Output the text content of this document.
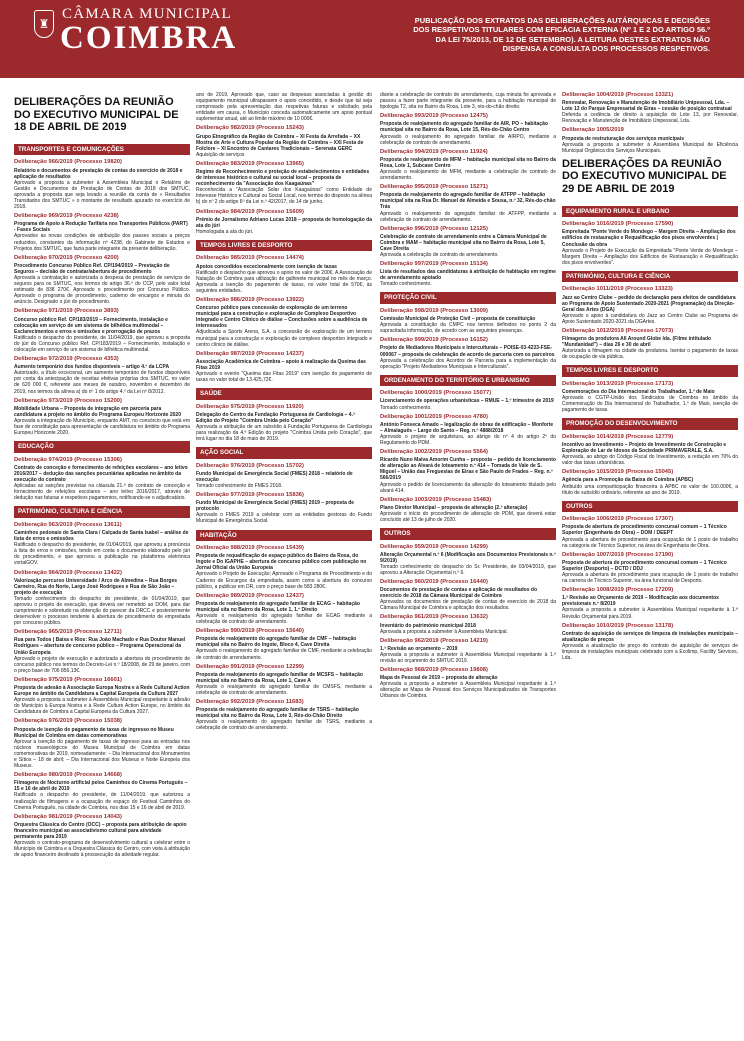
♜
CÂMARA MUNICIPAL
COIMBRA	PUBLICAÇÃO DOS EXTRATOS DAS DELIBERAÇÕES AUTÁRQUICAS E DECISÕES DOS RESPETIVOS TITULARES COM EFICÁCIA EXTERNA (Nº 1 E 2 DO ARTIGO 56.º DA LEI 75/2013, DE 12 DE SETEMBRO). A LEITURA DESTES EXTRATOS NÃO DISPENSA A CONSULTA DOS PROCESSOS RESPETIVOS.
DELIBERAÇÕES DA REUNIÃO DO EXECUTIVO MUNICIPAL DE 18 DE ABRIL DE 2019
TRANSPORTES E COMUNICAÇÕES
Deliberação 966/2019 (Processo 19820)
Relatório e documentos de prestação de contas do exercício de 2018 e aplicação de resultados
Aprovado a proposta a submeter à Assembleia Municipal o Relatório de Gestão e Documentos de Prestação de Contas de 2018 dos SMTUC, aprovada a proposta que seja levado a reunião da conta de « Resultados Transitados dos SMTUC » o montante de resultado apurado no exercício de 2018.
Deliberação 969/2019 (Processo 4238)
Programa de Apoio à Redução Tarifária nos Transportes Públicos (PART) - Fases Sociais
Aprovados as novas condições de atribuição dos passes sociais a preços reduzidos, constantes da informação nº 4238, do Gabinete de Estudos e Projetos dos SMTUC, que fazia parte integrante da presente deliberação.
Deliberação 970/2019 (Processo 4200)
Procedimento Concurso Público Ref. CP/194/2019 – Prestação de Seguros – decisão de contratar/abertura de procedimento
Aprovada a contratação e autorizada a despesa de prestação de serviços de seguros para os SMTUC, nos termos do artigo 36.º do CCP, pelo valor total estimado de 838 270€. Aprovado o procedimento por Concurso Público. Aprovado o programa de procedimento, caderno de encargos e minuta do anúncio. Designado o júri do procedimento.
Deliberação 971/2019 (Processo 3893)
Concurso público Ref. CP/183/2019 – Fornecimento, instalação e colocação em serviço de um sistema de bilhética multimodal – Esclarecimentos e erros e omissões e prorrogação de prazos
Ratificado o despacho do presidente, de 11/04/2019, que aprovou a proposta do júri do Concurso público Ref. CP/183/2019 – Fornecimento, instalação e colocação em serviço de um sistema de bilhética multimodal.
Deliberação 972/2019 (Processo 4353)
Aumento temporário dos fundos disponíveis – artigo 4.º da LCPA
Autorizado, a título excecional, um aumento temporário de fundos disponíveis por conta da antecipação de receitas efetivas próprias dos SMTUC, no valor de 620 000 €, referente aos meses de outubro, novembro e dezembro de 2019, nos termos da alínea a) do nº 1 do artigo 4.º da Lei nº 8/2012.
Deliberação 973/2019 (Processo 15200)
Mobilidade Urbana – Proposta de integração em parceria para candidatura a projeto no âmbito do Programa Europeu Horizonte 2020
Aprovada a integração do Município, enquanto AMT, no consórcio que está em fase de constituição para apresentação de candidatura no âmbito do Programa Europeu Horizonte 2020.
EDUCAÇÃO
Deliberação 974/2019 (Processo 15306)
Contrato de conceção e fornecimento de refeições escolares – ano letivo 2016/2017 – dedução das sanções pecuniárias aplicadas no âmbito da execução do contrato
Aplicadas as sanções previstas na cláusula 21.ª do contrato de conceção e fornecimento de refeições escolares – ano letivo 2016/2017, através de dedução nas faturas e respetivos pagamentos, notificando-se o adjudicatário.
PATRIMÓNIO, CULTURA E CIÊNCIA
Deliberação 963/2019 (Processo 13611)
Caminhos pedonais de Santa Clara / Calçada de Santa Isabel – análise de lista de erros e omissões
Ratificado o despacho do presidente, de 01/04/2019, que aprovou a pronúncia à lista de erros e omissões, tendo em conta o documento elaborado pelo júri do procedimento, e que aprovou a publicação na plataforma eletrónica vortalGOV.
Deliberação 964/2019 (Processo 13422)
Valorização percurso Universidade / Arco de Almedina – Rua Borges Carneiro, Rua do Norte, Largo José Rodrigues e Rua de São João – projeto de execução
Tomado conhecimento do despacho do presidente, de 01/04/2019, que aprovou o projeto de execução, que deverá ser remetido ao DOM, para dar cumprimento e sobretudo na obtenção do parecer da DRCC e posteriormente desenvolver o processo tendente à abertura de procedimento de empreitada por concurso público.
Deliberação 965/2019 (Processo 12711)
Rua para Todos | Baixa e Rios: Rua João Machado e Rua Doutor Manuel Rodrigues – abertura de concurso público – Programa Operacional da União Europeia
Aprovado o projeto de execução e autorizada a abertura do procedimento de concurso público nos termos do Decreto-Lei n.º 18/2008, de 29 de janeiro, com o preço base de 706 856,13€.
Deliberação 975/2019 (Processo 16601)
Proposta de adesão à Associação Europa Nostra e à Rede Cultural Action Europe no âmbito da Candidatura a Capital Europeia da Cultura 2027
Aprovado a proposta a submeter à Assembleia Municipal respeitante à adesão do Município à Europa Nostra e à Rede Culture Action Europe, no âmbito da Candidatura de Coimbra a Capital Europeia da Cultura 2027.
Deliberação 976/2019 (Processo 15038)
Proposta de isenção de pagamento de taxas de ingresso no Museu Municipal de Coimbra em datas comemorativas
Aprovar a isenção do pagamento de taxas de ingresso para as entradas nos núcleos museológicos do Museu Municipal de Coimbra em datas comemorativas de 2019, nomeadamente: – Dia Internacional dos Monumentos e Sítios – 18 de abril; – Dia Internacional dos Museus e Noite Europeia dos Museus.
Deliberação 980/2019 (Processo 14668)
Filmagens de Nocturno artificial pelos Caminhos do Cinema Português – 15 e 16 de abril de 2019
Ratificado o despacho do presidente, de 11/04/2019, que autorizou a realização de filmagens e a ocupação de espaço do Festival Caminhos do Cinema Português, na cidade de Coimbra, nos dias 15 e 16 de abril de 2019.
Deliberação 981/2019 (Processo 14043)
Orquestra Clássica do Centro (OCC) – proposta para atribuição de apoio financeiro municipal ao associativismo cultural para atividade permanente para 2019
Aprovado o contrato-programa de desenvolvimento cultural a celebrar entre o Município de Coimbra e a Orquestra Clássica do Centro, com vista à atribuição de apoio financeiro destinado à prossecução da atividade regular.
ano de 2019. Aprovado que, caso as despesas associadas à gestão do equipamento municipal ultrapassem o apoio concedido, e desde que tal seja comprovado pela apresentação das respetivas faturas e solicitado pela entidade em causa, o Município conceda automaticamente um apoio pontual suplementar anual, até ao limite máximo de 10 000€.
Deliberação 982/2019 (Processo 15243)
Grupo Etnográfico da Região de Coimbra – XI Festa da Arrefada – XX Mostra de Arte e Cultura Popular da Região de Coimbra – XXI Festa de Folclore – XI Encontro de Cantares Tradicionais – Serenata GERC
Aquisição de serviços
Deliberação 983/2019 (Processo 13965)
Regime de Reconhecimento e proteção de estabelecimentos e entidades de interesse histórico e cultural ou social local – proposta de reconhecimento da "Associação dos Kaagaúnas"
Reconhecida a "Associação Solar dos Kaagaúnas" como Entidade de Interesse Histórico e Cultural ou Social Local, nos termos do disposto na alínea b) do nº 2 do artigo 6º da Lei n.º 42/2017, de 14 de junho.
Deliberação 984/2019 (Processo 15609)
Prémio de Jornalismo Adriano Lucas 2018 – proposta de homologação da ata do júri
Homologada a ata do júri.
TEMPOS LIVRES E DESPORTO
Deliberação 985/2019 (Processo 14474)
Apoios concedidos excecionalmente com isenção de taxas
Ratificado o despacho que aprovou o apoio no valor de 200€. A Associação de Natação de Coimbra para utilização de galhinete municipal no mês de março. Aprovada a isenção do pagamento de taxas, no valor total de 570€, às seguintes entidades.
Deliberação 986/2019 (Processo 13922)
Concurso público para concessão de exploração de um terreno municipal para a construção e exploração de Complexo Desportivo Integrado e Centro Clínico de diálise – Conclusões sobre a audiência de interessados
Adjudicada a Sports Arena, S.A. a concessão de exploração de um terreno municipal para a construção e exploração de complexo desportivo integrado e centro clínico de diálise.
Deliberação 987/2019 (Processo 14237)
Associação Académica de Coimbra – apoio à realização da Queima das Fitas 2019
Aprovado o evento "Queima das Fitas 2019" com isenção do pagamento de taxas no valor total de 13.425,72€.
SAÚDE
Deliberação 975/2019 (Processo 11920)
Delegação do Centro da Fundação Portuguesa de Cardiologia – 4.ª Edição do Projeto "Coimbra Unida pelo Coração"
Aprovada a atribuição de um subsídio à Fundação Portuguesa de Cardiologia para realização da 4.ª Edição do projeto "Coimbra Unida pelo Coração", que terá lugar no dia 18 de maio de 2019.
AÇÃO SOCIAL
Deliberação 976/2019 (Processo 15702)
Fundo Municipal de Emergência Social (FMES) 2018 – relatório de execução
Tomado conhecimento do FMES 2018.
Deliberação 977/2019 (Processo 15836)
Fundo Municipal de Emergência Social (FMES) 2019 – proposta de protocolo
Aprovado o FMES 2019 a celebrar com as entidades gestoras do Fundo Municipal de Emergência Social.
HABITAÇÃO
Deliberação 988/2019 (Processo 15439)
Proposta de requalificação de espaço público do Bairro da Rosa, do Ingote e Do IGAPHE – abertura de concurso público com publicação no Jornal Oficial da União Europeia
Aprovado o Projeto de Execução; Aprovado o Programa de Procedimento e do Caderno de Encargos da empreitada, assim como a abertura do concurso público, a publicar em DR, com o preço base de 583 280€.
Deliberação 989/2019 (Processo 12437)
Proposta de realojamento do agregado familiar de ECAG – habitação municipal sita no Bairro da Rosa, Lote 1, 1.º Direito
Aprovado o realojamento do agregado familiar de ECAG mediante a celebração de contrato de arrendamento.
Deliberação 990/2019 (Processo 15640)
Proposta de realojamento do agregado familiar de CMF – habitação municipal sita no Bairro do Ingote, Bloco 4, Cave Direita
Aprovado o realojamento do agregado familiar de CMF, mediante a celebração de contrato de arrendamento.
Deliberação 991/2019 (Processo 12299)
Proposta de realojamento do agregado familiar de MCSFS – habitação municipal sita no Bairro da Rosa, Lote 1, Cave A
Aprovado o realojamento do agregado familiar de CMSFS, mediante a celebração de contrato de arrendamento.
Deliberação 992/2019 (Processo 11683)
Proposta de realojamento do agregado familiar de TSRS – habitação municipal sita no Bairro da Rosa, Lote 3, Rés-do-Chão Direito
Aprovado o realojamento do agregado familiar de TSRS, mediante a celebração de contrato de arrendamento.
diante a celebração de contrato de arrendamento, cuja minuta foi aprovada e passou a fazer parte integrante da presente, para a habitação municipal de tipologia T2, sita no Bairro da Rosa, Lote 3, rés-do-chão direito.
Deliberação 993/2019 (Processo 12475)
Proposta de realojamento do agregado familiar de AIR, PO – habitação municipal sita no Bairro da Rosa, Lote 15, Rés-do-Chão Centro
Aprovado o realojamento do agregado familiar de AIRPO, mediante a celebração de contrato de arrendamento.
Deliberação 994/2019 (Processo 11924)
Proposta de realojamento de MFM – habitação municipal sita no Bairro da Rosa, Lote 1, Subcave Centro
Aprovado o realojamento de MFM, mediante a celebração de contrato de arrendamento.
Deliberação 995/2019 (Processo 15271)
Proposta de realojamento do agregado familiar de ATFPP – habitação municipal sita na Rua Dr. Manuel de Almeida e Sousa, n.º 32, Rés-do-chão Trás
Aprovado o realojamento do agregado familiar de ATFPP, mediante a celebração de contrato de arrendamento.
Deliberação 996/2019 (Processo 12125)
Celebração de contrato de arrendamento entre a Câmara Municipal de Coimbra e MAM – habitação municipal sita no Bairro da Rosa, Lote 5, Cave Direita
Aprovada a celebração de contrato de arrendamento.
Deliberação 997/2019 (Processo 15134)
Lista de resultados das candidaturas à atribuição de habitação em regime de arrendamento apoiado
Tomado conhecimento.
PROTEÇÃO CIVIL
Deliberação 998/2019 (Processo 13009)
Comissão Municipal de Proteção Civil – proposta de constituição
Aprovada a constituição da CMPC nos termos definidos no ponto 2 da supracitada informação, de acordo com as seguintes presenças.
Deliberação 999/2019 (Processo 16152)
Projeto de Mediadores Municipais e Interculturais – POISE-03-4233-FSE-000067 – proposta de celebração de acordo de parceria com os parceiros
Aprovada a celebração dos Acordos de Parceria para a implementação da operação "Projeto Mediadores Municipais e Interculturais".
ORDENAMENTO DO TERRITÓRIO E URBANISMO
Deliberação 1000/2019 (Processo 15077)
Licenciamento de operações urbanísticas – RMUE – 1.º trimestre de 2019
Tomado conhecimento.
Deliberação 1001/2019 (Processo 4780)
António Fonseca Amado – legalização de obras de edificação – Monforte – Almalaguês – Largo do Santo – Reg. n.º 4888/2018
Aprovado o projeto de arquitetura, ao abrigo do nº 4 do artigo 2º do Regulamento do PDM.
Deliberação 1002/2019 (Processo 5564)
Ricardo Nuno Malva Amorim Cunha – proposta – pedido de licenciamento de alteração ao Alvará de loteamento n.º 414 – Tomada de Vale de S. Miguel – União das Freguesias de Eiras e São Paulo de Frades – Reg. n.º 566/2019
Aprovado o pedido de licenciamento da alteração do loteamento titulado pelo alvará 414.
Deliberação 1003/2019 (Processo 15483)
Plano Diretor Municipal – proposta de alteração (2.ª alteração)
Aprovado o início do procedimento de alteração do PDM, que deverá estar concluído até 13 de julho de 2020.
OUTROS
Deliberação 959/2019 (Processo 14299)
Alteração Orçamental n.º 6 (Modificação aos Documentos Previsionais n.º 9/2019)
Tomado conhecimento do despacho do Sr. Presidente, de 03/04/2019, que aprovou a Alteração Orçamental n.º 6.
Deliberação 960/2019 (Processo 16440)
Documentos de prestação de contas e aplicação de resultados do exercício de 2018 da Câmara Municipal de Coimbra
Aprovados os documentos de prestação de contas de exercício de 2018 da Câmara Municipal de Coimbra e aplicação dos resultados.
Deliberação 961/2019 (Processo 13632)
Inventário do património municipal 2018
Aprovada a proposta a submeter à Assembleia Municipal.
Deliberação 962/2019 (Processo 14219)
1.ª Revisão ao orçamento – 2019
Aprovada a proposta a submeter à Assembleia Municipal respeitante à 1.ª revisão ao orçamento do SMTUC 2019.
Deliberação 968/2019 (Processo 19808)
Mapa de Pessoal de 2019 – proposta de alteração
Aprovada a proposta a submeter à Assembleia Municipal respeitante à 1.ª alteração ao Mapa de Pessoal dos Serviços Municipalizados de Transportes Urbanos de Coimbra.
Deliberação 1004/2019 (Processo 13321)
Renovalar, Renovação e Manutenção de Imobiliário Unipessoal, Lda. – Lote 13 do Parque Empresarial de Eiras – cessão de posição contratual
Deferida a cedência de direito à aquisição do Lote 13, por Renovalar, Renovação e Manutenção de Imobiliário Unipessoal, Lda.
Deliberação 1005/2019
Proposta de restruturação dos serviços municipais
Aprovada a proposta a submeter à Assembleia Municipal de Eficiência Municipal Orgânica dos Serviços Municipais.
DELIBERAÇÕES DA REUNIÃO DO EXECUTIVO MUNICIPAL DE 29 DE ABRIL DE 2019
EQUIPAMENTO RURAL E URBANO
Deliberação 1016/2019 (Processo 17590)
Empreitada "Ponte Verde do Mondego – Margem Direita – Ampliação dos edifícios de restauração e Requalificação dos pisos envolventes | Conclusão da obra
Aprovado o Projeto de Execução da Empreitada "Ponte Verde do Mondego – Margem Direita – Ampliação dos Edifícios de Restauração e Requalificação dos pisos envolventes".
PATRIMÓNIO, CULTURA E CIÊNCIA
Deliberação 1011/2019 (Processo 13323)
Jazz ao Centro Clube – pedido de declaração para efeitos de candidatura ao Programa de Apoio Sustentado 2020-2021 (Programação) da Direção-Geral das Artes (DGA)
Aprovado o apoio à candidatura do Jazz ao Centro Clube ao Programa de Apoio Sustentado 2020-2021 da DGArtes.
Deliberação 1012/2019 (Processo 17073)
Filmagens da produtora All Around Globe lda. (Filme intitulado "Mundanidad") – dias 26 e 30 de abril
Autorizada a filmagem na cidade da produtora. Isentar o pagamento de taxas de ocupação de via pública.
TEMPOS LIVRES E DESPORTO
Deliberação 1013/2019 (Processo 17173)
Comemorações do Dia Internacional do Trabalhador, 1.º de Maio
Aprovado o CGTP-União dos Sindicatos de Coimbra no âmbito da Comemoração do Dia Internacional do Trabalhador, 1.º de Maio, isenção de pagamento de taxas.
PROMOÇÃO DO DESENVOLVIMENTO
Deliberação 1014/2019 (Processo 12779)
Incentivo ao Investimento – Projeto de Investimento de Construção e Exploração de Lar de Idosos da Sociedade PRIMAVERALE, S.A.
Aprovada, ao abrigo do Código Fiscal do Investimento, a redução em 70% do valor das taxas urbanísticas.
Deliberação 1015/2019 (Processo 15045)
Agência para a Promoção da Baixa de Coimbra (APBC)
Atribuído uma comparticipação financeira à APBC no valor de 100.000€, a título de subsídio ordinário, referente ao ano de 2019.
OUTROS
Deliberação 1006/2019 (Processo 17307)
Proposta de abertura de procedimento concursal comum – 1 Técnico Superior (Engenharia do Obra) – DOM / DEEPT
Aprovada a abertura de procedimento para ocupação de 1 posto de trabalho na categoria de Técnico Superior, na área de Engenharia de Obra.
Deliberação 1007/2019 (Processo 17190)
Proposta de abertura de procedimento concursal comum – 1 Técnico Superior (Desporto) – DCTD / DDJ
Aprovada a abertura de procedimento para ocupação de 1 posto de trabalho na carreira de Técnico Superior, na área funcional de Desporto.
Deliberação 1008/2019 (Processo 17209)
1.ª Revisão ao Orçamento de 2019 – Modificação aos documentos previsionais n.º 8/2019
Aprovada a proposta a submeter à Assembleia Municipal respeitante à 1.ª Revisão Orçamental para 2019.
Deliberação 1010/2019 (Processo 13178)
Contrato de aquisição de serviços de limpeza de instalações municipais – atualização de preços
Aprovada a atualização de preço do contrato de aquisição de serviços de limpeza de instalações municipais celebrado com a Ecolimp, Facility Services, Lda.
